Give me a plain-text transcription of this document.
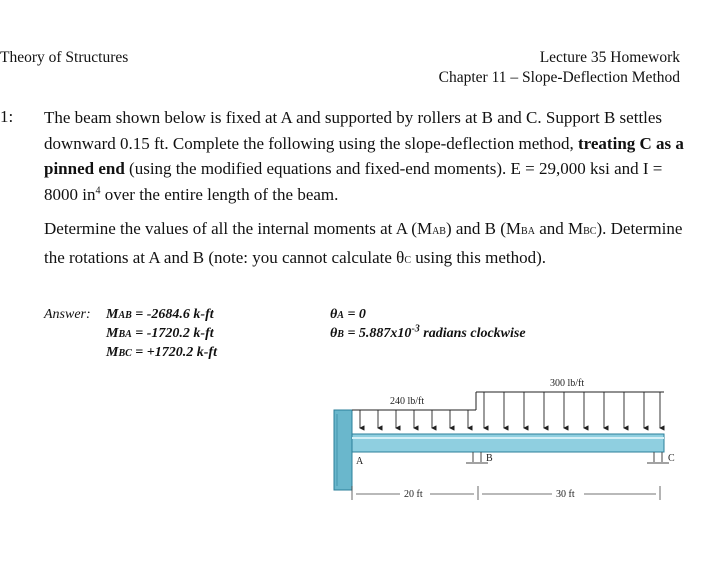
Theory of Structures	Lecture 35 Homework
Chapter 11 – Slope-Deflection Method
1: The beam shown below is fixed at A and supported by rollers at B and C. Support B settles downward 0.15 ft. Complete the following using the slope-deflection method, treating C as a pinned end (using the modified equations and fixed-end moments). E = 29,000 ksi and I = 8000 $in^4$ over the entire length of the beam.
Determine the values of all the internal moments at A (MAB) and B (MBA and MBC). Determine the rotations at A and B (note: you cannot calculate θC using this method).
Answer: MAB = -2684.6 k-ft
MBA = -1720.2 k-ft
MBC = +1720.2 k-ft
θA = 0
$\theta B = 5.887x10^{-3}$ radians clockwise
240 lb/ft
300 lb/ft
A	B	C
20 ft	30 ft
